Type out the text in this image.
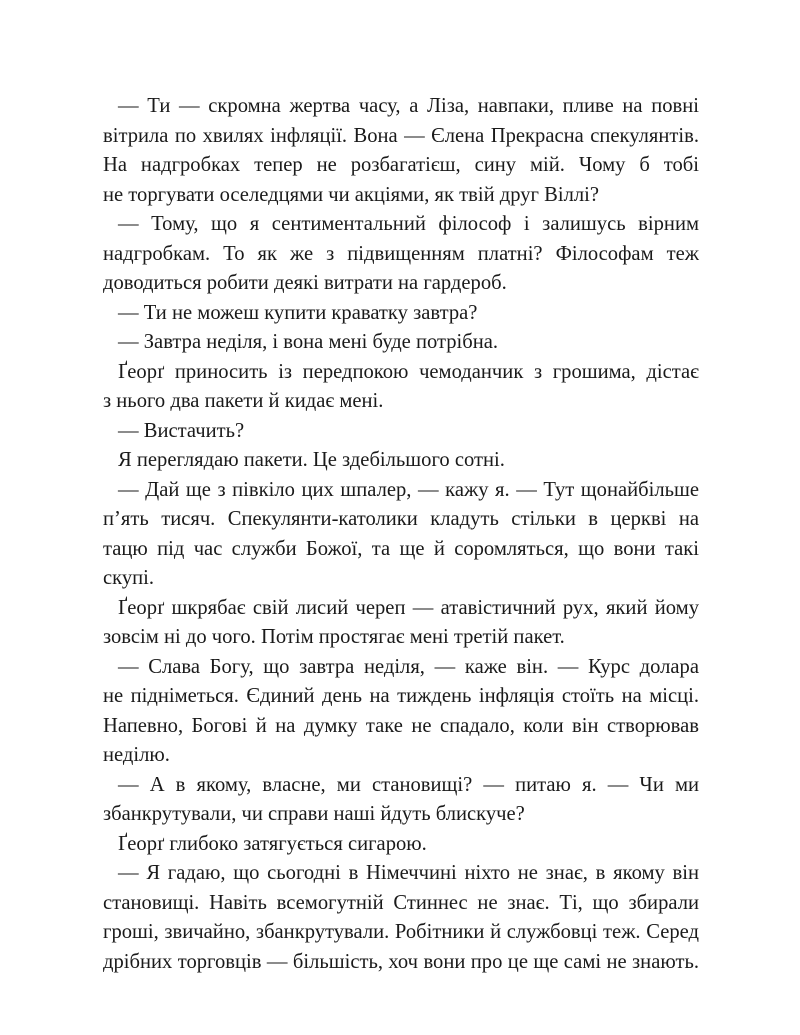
— Ти — скромна жертва часу, а Ліза, навпаки, пливе на повні
вітрила по хвилях інфляції. Вона — Єлена Прекрасна спекулянтів.
На надгробках тепер не розбагатієш, сину мій. Чому б тобі
не торгувати оселедцями чи акціями, як твій друг Віллі?

— Тому, що я сентиментальний філософ і залишусь вірним
надгробкам. То як же з підвищенням платні? Філософам теж
доводиться робити деякі витрати на гардероб.

— Ти не можеш купити краватку завтра?

— Завтра неділя, і вона мені буде потрібна.

Ґеорґ приносить із передпокою чемоданчик з грошима, дістає
з нього два пакети й кидає мені.

— Вистачить?

Я переглядаю пакети. Це здебільшого сотні.

— Дай ще з півкіло цих шпалер, — кажу я. — Тут щонайбільше
п’ять тисяч. Спекулянти-католики кладуть стільки в церкві на
тацю під час служби Божої, та ще й соромляться, що вони такі
скупі.

Ґеорґ шкрябає свій лисий череп — атавістичний рух, який йому
зовсім ні до чого. Потім простягає мені третій пакет.

— Слава Богу, що завтра неділя, — каже він. — Курс долара
не підніметься. Єдиний день на тиждень інфляція стоїть на місці.
Напевно, Богові й на думку таке не спадало, коли він створював
неділю.

— А в якому, власне, ми становищі? — питаю я. — Чи ми
збанкрутували, чи справи наші йдуть блискуче?

Ґеорґ глибоко затягується сигарою.

— Я гадаю, що сьогодні в Німеччині ніхто не знає, в якому він
становищі. Навіть всемогутній Стиннес не знає. Ті, що збирали
гроші, звичайно, збанкрутували. Робітники й службовці теж. Серед
дрібних торговців — більшість, хоч вони про це ще самі не знають.
